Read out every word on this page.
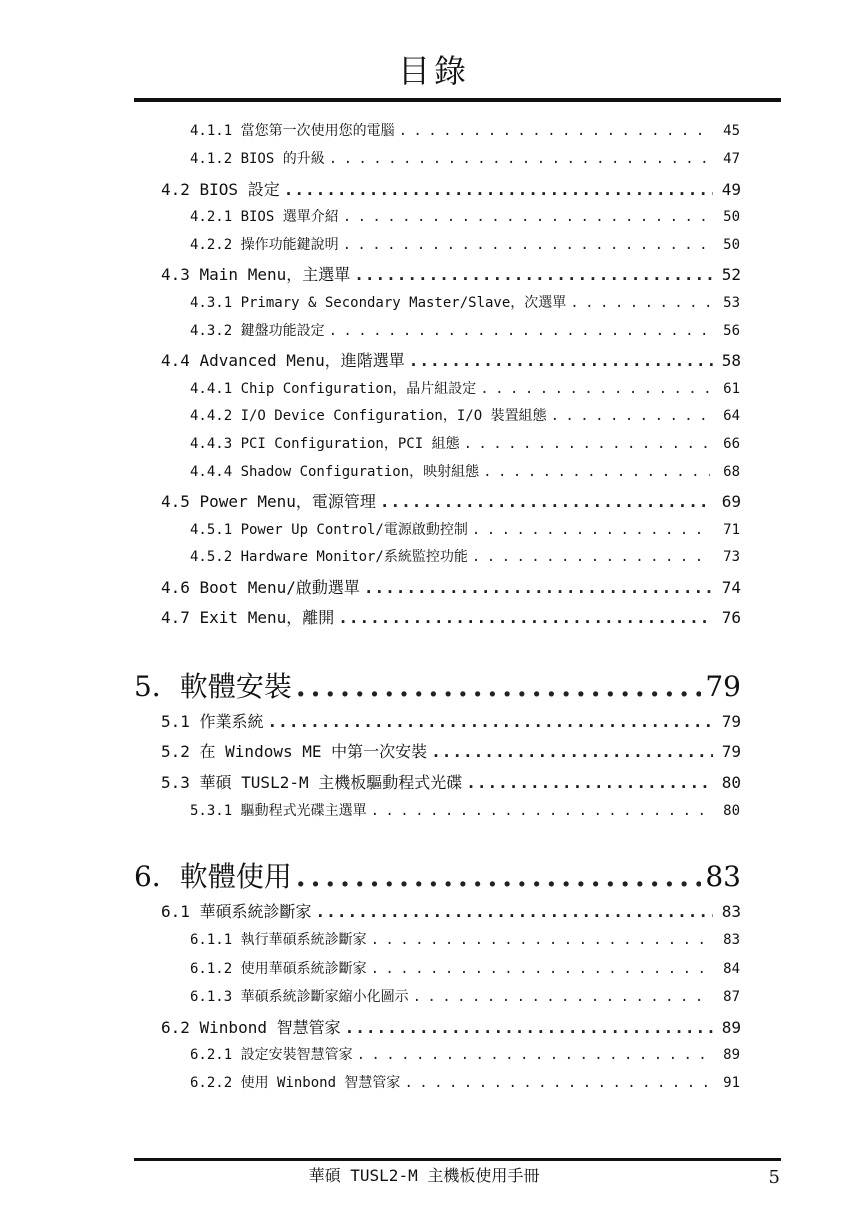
目錄
4.1.1 當您第一次使用您的電腦 . . .	45
4.1.2 BIOS 的升級 . . .	47
4.2 BIOS 設定 .....	49
4.2.1 BIOS 選單介紹 . . .	50
4.2.2 操作功能鍵說明 . . .	50
4.3 Main Menu，主選單 .....	52
4.3.1 Primary & Secondary Master/Slave，次選單 . . .	53
4.3.2 鍵盤功能設定 . . .	56
4.4 Advanced Menu，進階選單 .....	58
4.4.1 Chip Configuration，晶片組設定 . . .	61
4.4.2 I/O Device Configuration，I/O 裝置組態 . . .	64
4.4.3 PCI Configuration，PCI 組態 . . .	66
4.4.4 Shadow Configuration，映射組態 . . .	68
4.5 Power Menu，電源管理 .....	69
4.5.1 Power Up Control/電源啟動控制 . . .	71
4.5.2 Hardware Monitor/系統監控功能 . . .	73
4.6 Boot Menu/啟動選單 .....	74
4.7 Exit Menu，離開 .....	76
5．軟體安裝 .....	79
5.1 作業系統 .....	79
5.2 在 Windows ME 中第一次安裝 .....	79
5.3 華碩 TUSL2-M 主機板驅動程式光碟 .....	80
5.3.1 驅動程式光碟主選單 . . .	80
6．軟體使用 .....	83
6.1 華碩系統診斷家 .....	83
6.1.1 執行華碩系統診斷家 . . .	83
6.1.2 使用華碩系統診斷家 . . .	84
6.1.3 華碩系統診斷家縮小化圖示 . . .	87
6.2 Winbond 智慧管家 .....	89
6.2.1 設定安裝智慧管家 . . .	89
6.2.2 使用 Winbond 智慧管家 . . .	91
華碩 TUSL2-M 主機板使用手冊	5
